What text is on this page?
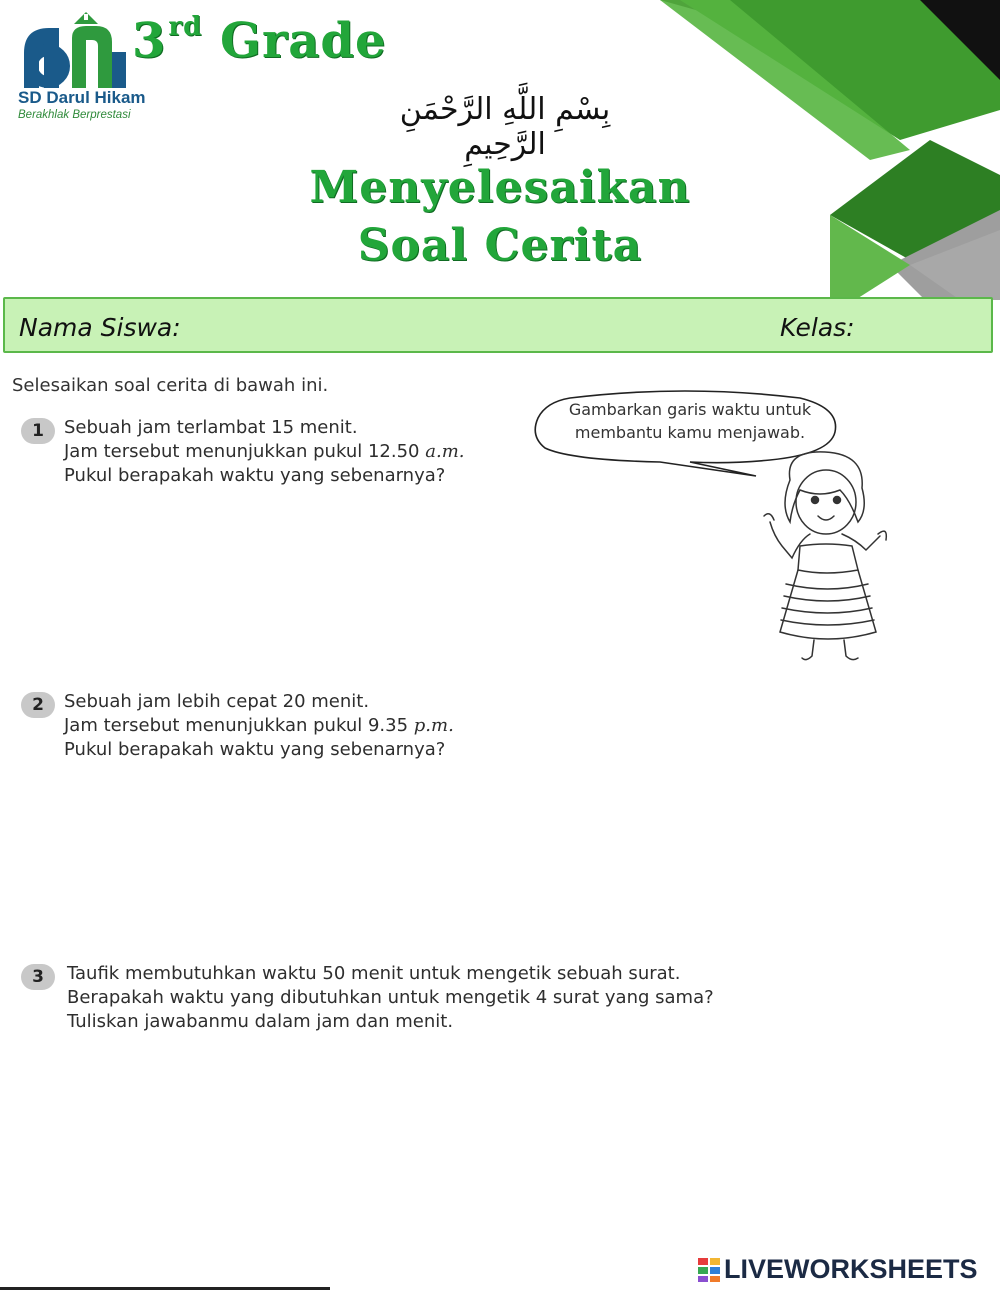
SD Darul Hikam
Berakhlak Berprestasi
3rd Grade
بِسْمِ اللَّهِ الرَّحْمَنِ الرَّحِيمِ
Menyelesaikan
Soal Cerita
Nama Siswa:	Kelas:
Selesaikan soal cerita di bawah ini.
Gambarkan garis waktu untuk
membantu kamu menjawab.
1	Sebuah jam terlambat 15 menit.
Jam tersebut menunjukkan pukul 12.50 a.m.
Pukul berapakah waktu yang sebenarnya?
2	Sebuah jam lebih cepat 20 menit.
Jam tersebut menunjukkan pukul 9.35 p.m.
Pukul berapakah waktu yang sebenarnya?
3	Taufik membutuhkan waktu 50 menit untuk mengetik sebuah surat.
Berapakah waktu yang dibutuhkan untuk mengetik 4 surat yang sama?
Tuliskan jawabanmu dalam jam dan menit.
LIVEWORKSHEETS
